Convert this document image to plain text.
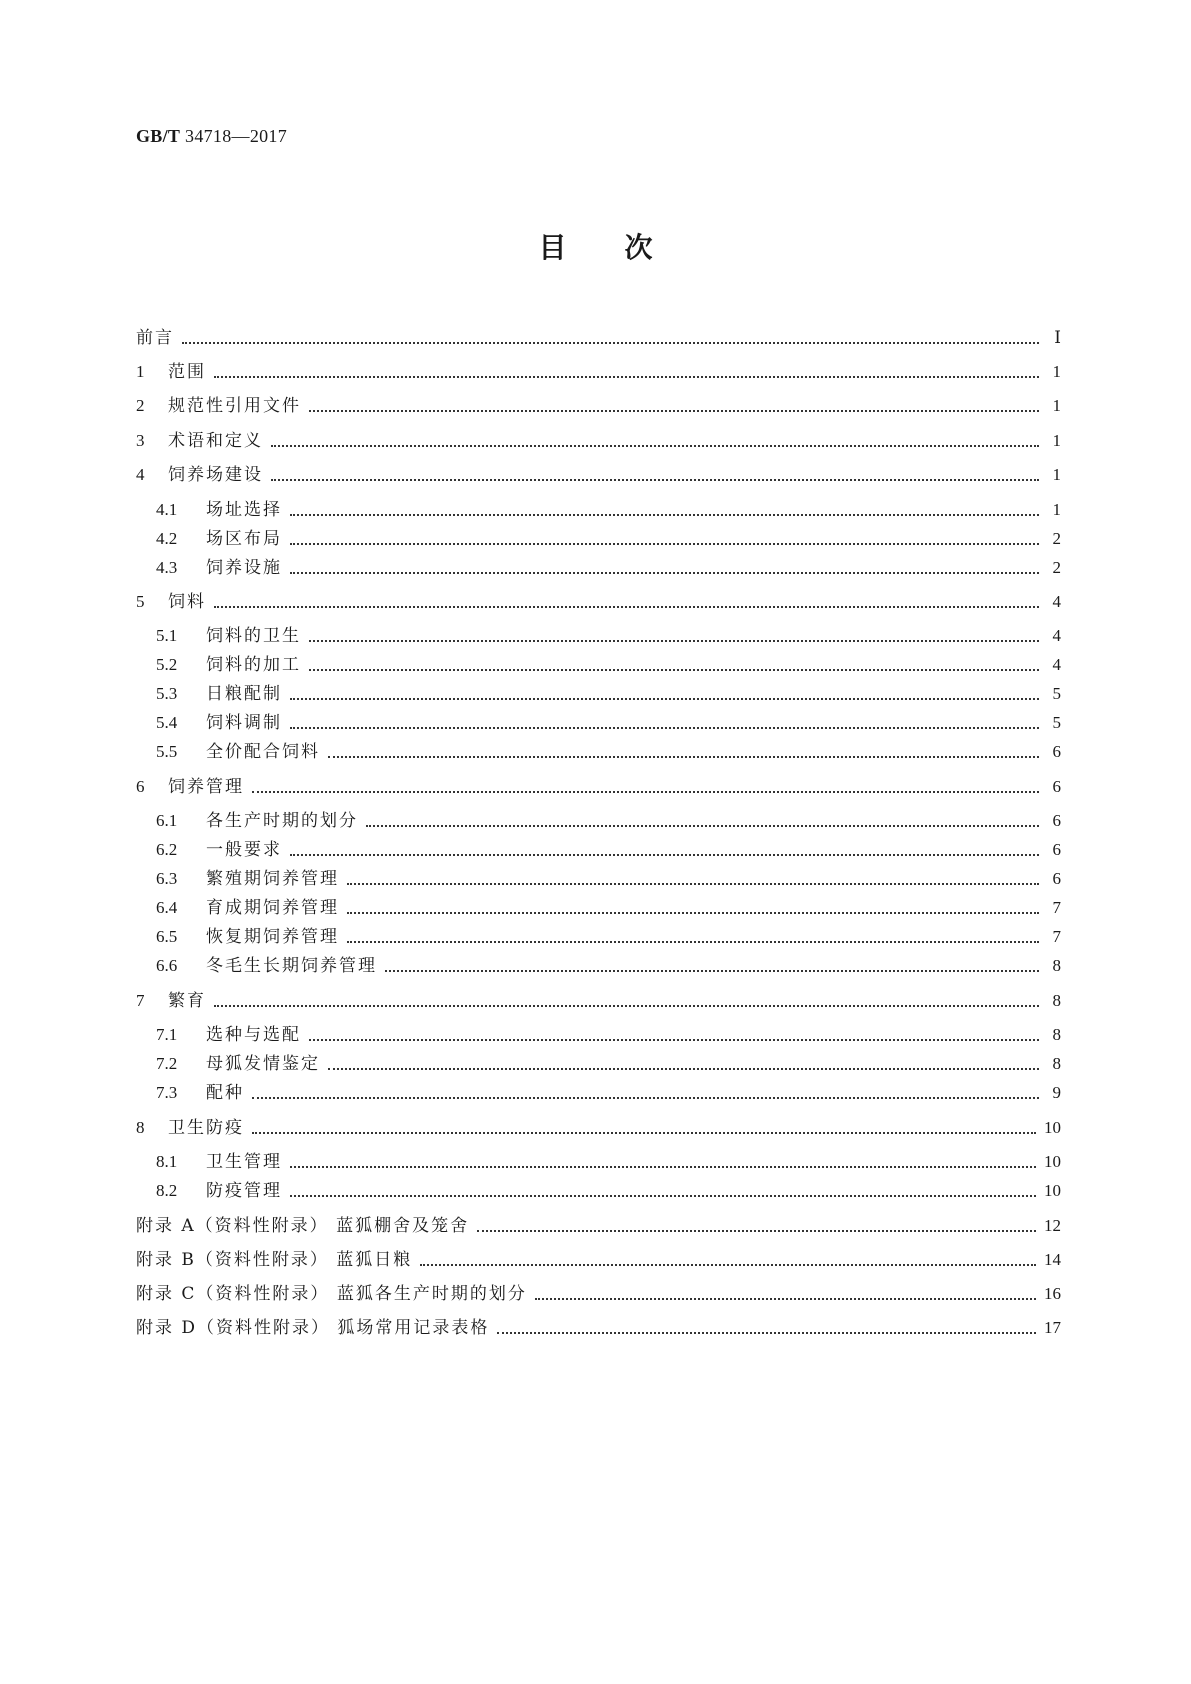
GB/T 34718—2017
目次
前言	Ⅰ
1	范围	1
2	规范性引用文件	1
3	术语和定义	1
4	饲养场建设	1
4.1	场址选择	1
4.2	场区布局	2
4.3	饲养设施	2
5	饲料	4
5.1	饲料的卫生	4
5.2	饲料的加工	4
5.3	日粮配制	5
5.4	饲料调制	5
5.5	全价配合饲料	6
6	饲养管理	6
6.1	各生产时期的划分	6
6.2	一般要求	6
6.3	繁殖期饲养管理	6
6.4	育成期饲养管理	7
6.5	恢复期饲养管理	7
6.6	冬毛生长期饲养管理	8
7	繁育	8
7.1	选种与选配	8
7.2	母狐发情鉴定	8
7.3	配种	9
8	卫生防疫	10
8.1	卫生管理	10
8.2	防疫管理	10
附录 A（资料性附录） 蓝狐棚舍及笼舍	12
附录 B（资料性附录） 蓝狐日粮	14
附录 C（资料性附录） 蓝狐各生产时期的划分	16
附录 D（资料性附录） 狐场常用记录表格	17
